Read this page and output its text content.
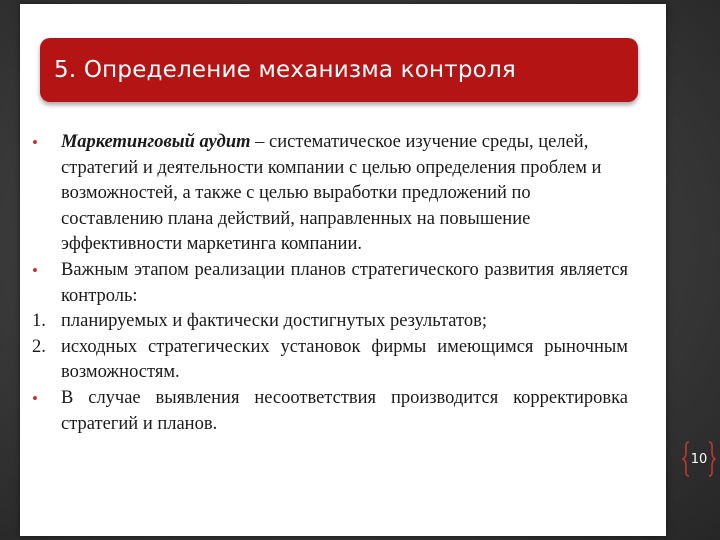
5. Определение механизма контроля
•	Маркетинговый аудит – систематическое изучение среды, целей, стратегий и деятельности компании с целью определения проблем и возможностей, а также с целью выработки предложений по составлению плана действий, направленных на повышение эффективности маркетинга компании.
•	Важным этапом реализации планов стратегического развития является контроль:
1. планируемых и фактически достигнутых результатов;
2. исходных стратегических установок фирмы имеющимся рыночным возможностям.
•	В случае выявления несоответствия производится корректировка стратегий и планов.
10
